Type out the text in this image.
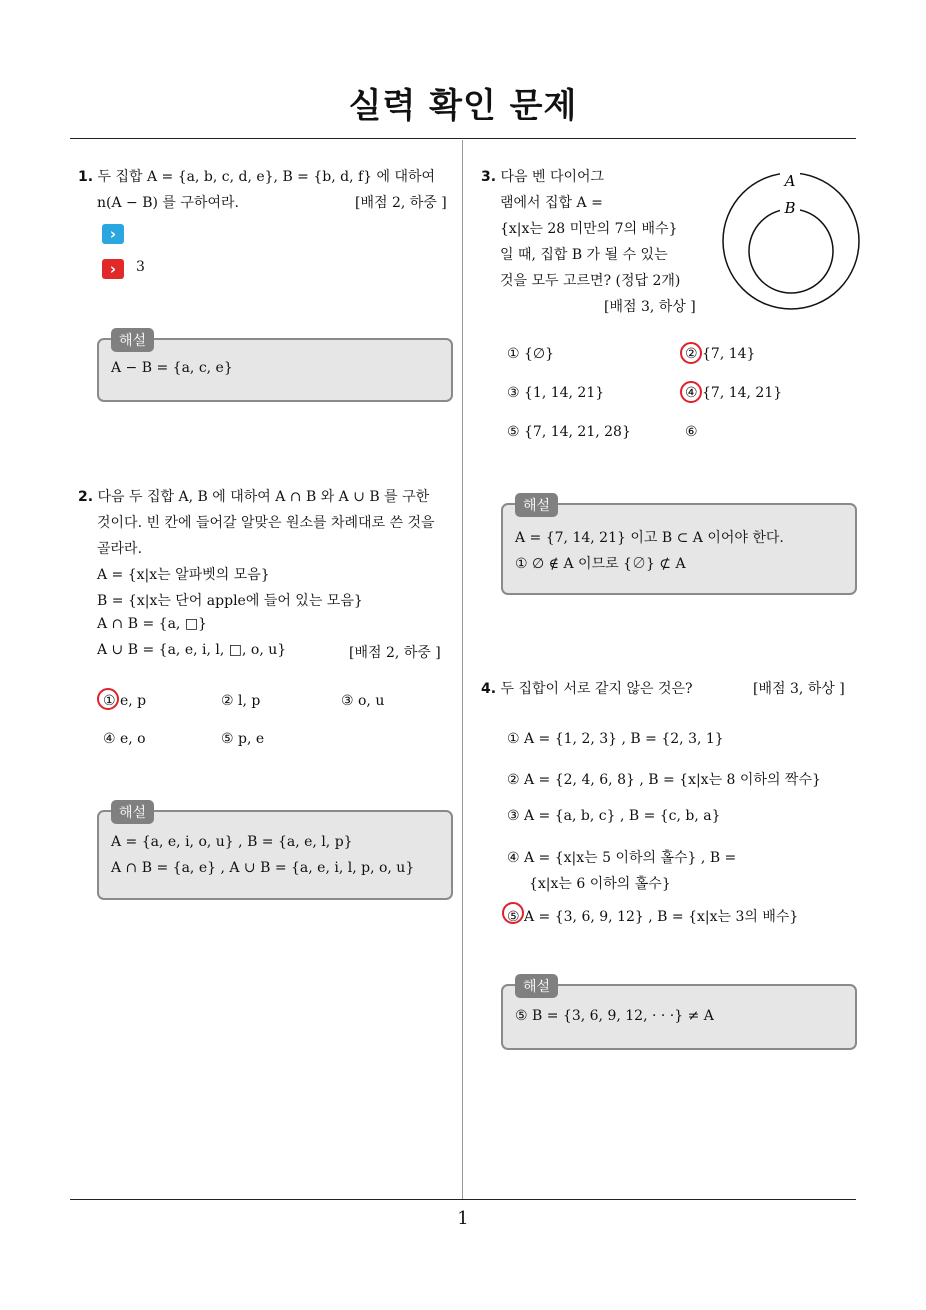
실력 확인 문제
1. 두 집합 A = {a, b, c, d, e}, B = {b, d, f} 에 대하여
n(A − B) 를 구하여라.	[배점 2, 하중 ]
›
›	3
해설
A − B = {a, c, e}
2. 다음 두 집합 A, B 에 대하여 A ∩ B 와 A ∪ B 를 구한
것이다. 빈 칸에 들어갈 알맞은 원소를 차례대로 쓴 것을
골라라.
A = {x|x는 알파벳의 모음}
B = {x|x는 단어 apple에 들어 있는 모음}
A ∩ B = {a, □}
A ∪ B = {a, e, i, l, □, o, u}	[배점 2, 하중 ]
① e, p	② l, p	③ o, u
④ e, o	⑤ p, e
해설
A = {a, e, i, o, u} , B = {a, e, l, p}
A ∩ B = {a, e} , A ∪ B = {a, e, i, l, p, o, u}
3. 다음 벤 다이어그
램에서 집합 A =
{x|x는 28 미만의 7의 배수}
일 때, 집합 B 가 될 수 있는
것을 모두 고르면? (정답 2개)
[배점 3, 하상 ]
A
B
① {∅}	② {7, 14}
③ {1, 14, 21}	④ {7, 14, 21}
⑤ {7, 14, 21, 28}	⑥
해설
A = {7, 14, 21} 이고 B ⊂ A 이어야 한다.
① ∅ ∉ A 이므로 {∅} ⊄ A
4. 두 집합이 서로 같지 않은 것은?	[배점 3, 하상 ]
① A = {1, 2, 3} , B = {2, 3, 1}
② A = {2, 4, 6, 8} , B = {x|x는 8 이하의 짝수}
③ A = {a, b, c} , B = {c, b, a}
④ A = {x|x는 5 이하의 홀수} , B =
{x|x는 6 이하의 홀수}
⑤ A = {3, 6, 9, 12} , B = {x|x는 3의 배수}
해설
⑤ B = {3, 6, 9, 12, · · ·} ≠ A
1
